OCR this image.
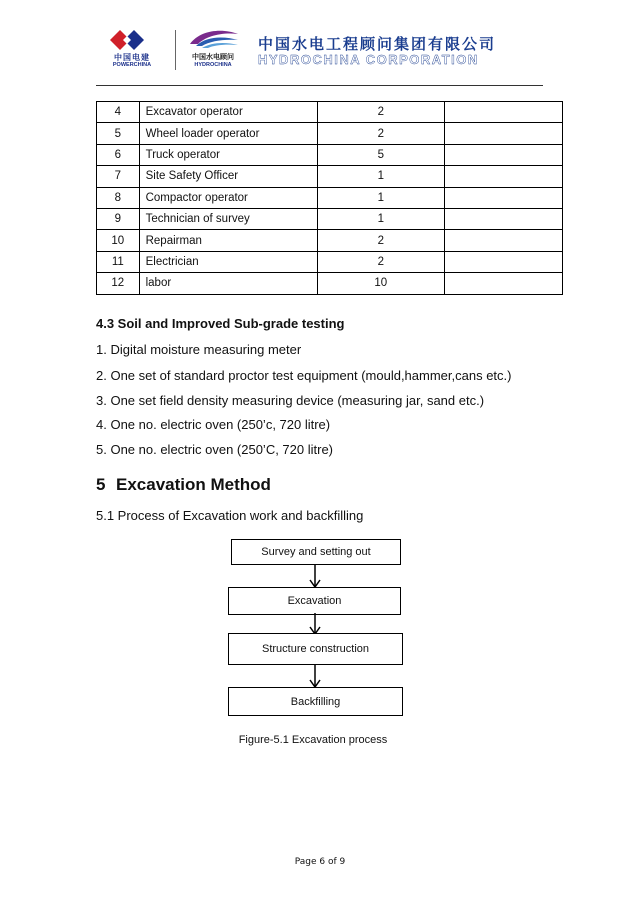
中国电建
POWERCHINA
中国水电顾问
HYDROCHINA
中国水电工程顾问集团有限公司
HYDROCHINA CORPORATION
4	Excavator operator	2	
5	Wheel loader operator	2	
6	Truck operator	5	
7	Site Safety Officer	1	
8	Compactor operator	1	
9	Technician of survey	1	
10	Repairman	2	
11	Electrician	2	
12	labor	10	
4.3 Soil and Improved Sub-grade testing
1. Digital moisture measuring meter
2. One set of standard proctor test equipment (mould,hammer,cans etc.)
3. One set field density measuring device (measuring jar, sand etc.)
4. One no. electric oven (250’c, 720 litre)
5. One no. electric oven (250’C, 720 litre)
5 Excavation Method
5.1 Process of Excavation work and backfilling
Survey and setting out
Excavation
Structure construction
Backfilling
Figure-5.1 Excavation process
Page 6 of 9
